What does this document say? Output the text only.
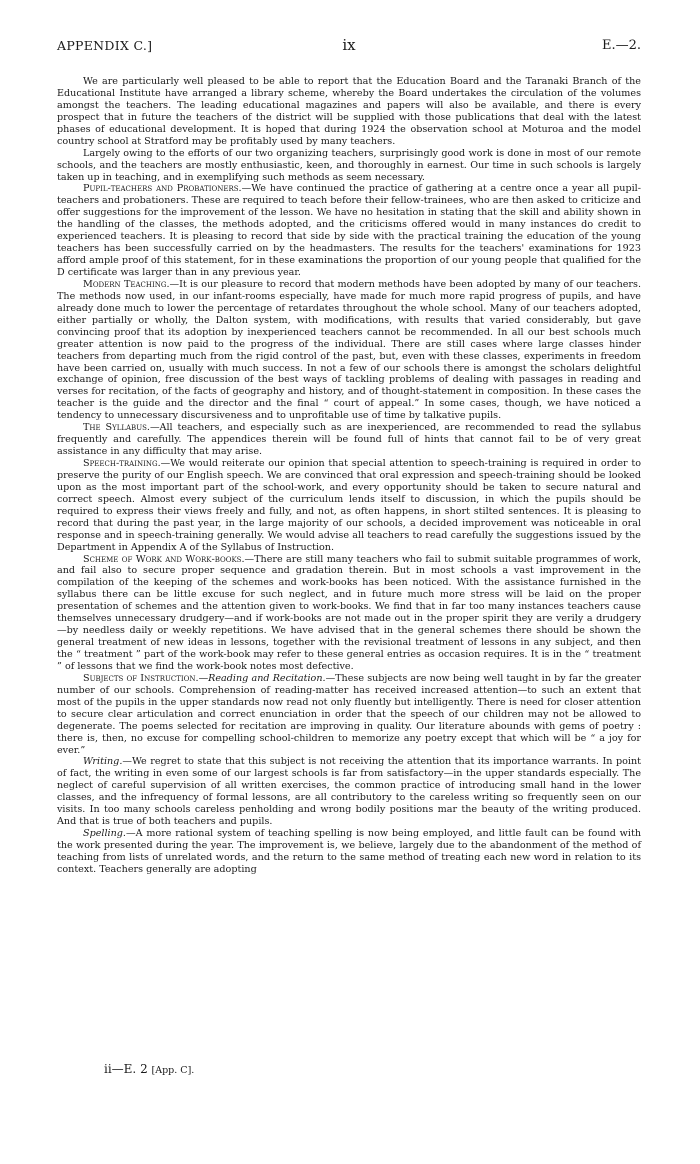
APPENDIX C.]	ix	E.—2.

We are particularly well pleased to be able to report that the Education Board and the Taranaki Branch of the Educational Institute have arranged a library scheme, whereby the Board undertakes the circulation of the volumes amongst the teachers. The leading educational magazines and papers will also be available, and there is every prospect that in future the teachers of the district will be supplied with those publications that deal with the latest phases of educational development. It is hoped that during 1924 the observation school at Moturoa and the model country school at Stratford may be profitably used by many teachers.

Largely owing to the efforts of our two organizing teachers, surprisingly good work is done in most of our remote schools, and the teachers are mostly enthusiastic, keen, and thoroughly in earnest. Our time in such schools is largely taken up in teaching, and in exemplifying such methods as seem necessary.

Pupil-teachers and Probationers.—We have continued the practice of gathering at a centre once a year all pupil-teachers and probationers. These are required to teach before their fellow-trainees, who are then asked to criticize and offer suggestions for the improvement of the lesson. We have no hesitation in stating that the skill and ability shown in the handling of the classes, the methods adopted, and the criticisms offered would in many instances do credit to experienced teachers. It is pleasing to record that side by side with the practical training the education of the young teachers has been successfully carried on by the headmasters. The results for the teachers' examinations for 1923 afford ample proof of this statement, for in these examinations the proportion of our young people that qualified for the D certificate was larger than in any previous year.

Modern Teaching.—It is our pleasure to record that modern methods have been adopted by many of our teachers. The methods now used, in our infant-rooms especially, have made for much more rapid progress of pupils, and have already done much to lower the percentage of retardates throughout the whole school. Many of our teachers adopted, either partially or wholly, the Dalton system, with modifications, with results that varied considerably, but gave convincing proof that its adoption by inexperienced teachers cannot be recommended. In all our best schools much greater attention is now paid to the progress of the individual. There are still cases where large classes hinder teachers from departing much from the rigid control of the past, but, even with these classes, experiments in freedom have been carried on, usually with much success. In not a few of our schools there is amongst the scholars delightful exchange of opinion, free discussion of the best ways of tackling problems of dealing with passages in reading and verses for recitation, of the facts of geography and history, and of thought-statement in composition. In these cases the teacher is the guide and the director and the final “ court of appeal.” In some cases, though, we have noticed a tendency to unnecessary discursiveness and to unprofitable use of time by talkative pupils.

The Syllabus.—All teachers, and especially such as are inexperienced, are recommended to read the syllabus frequently and carefully. The appendices therein will be found full of hints that cannot fail to be of very great assistance in any difficulty that may arise.

Speech-training.—We would reiterate our opinion that special attention to speech-training is required in order to preserve the purity of our English speech. We are convinced that oral expression and speech-training should be looked upon as the most important part of the school-work, and every opportunity should be taken to secure natural and correct speech. Almost every subject of the curriculum lends itself to discussion, in which the pupils should be required to express their views freely and fully, and not, as often happens, in short stilted sentences. It is pleasing to record that during the past year, in the large majority of our schools, a decided improvement was noticeable in oral response and in speech-training generally. We would advise all teachers to read carefully the suggestions issued by the Department in Appendix A of the Syllabus of Instruction.

Scheme of Work and Work-books.—There are still many teachers who fail to submit suitable programmes of work, and fail also to secure proper sequence and gradation therein. But in most schools a vast improvement in the compilation of the keeping of the schemes and work-books has been noticed. With the assistance furnished in the syllabus there can be little excuse for such neglect, and in future much more stress will be laid on the proper presentation of schemes and the attention given to work-books. We find that in far too many instances teachers cause themselves unnecessary drudgery—and if work-books are not made out in the proper spirit they are verily a drudgery—by needless daily or weekly repetitions. We have advised that in the general schemes there should be shown the general treatment of new ideas in lessons, together with the revisional treatment of lessons in any subject, and then the “ treatment ” part of the work-book may refer to these general entries as occasion requires. It is in the “ treatment ” of lessons that we find the work-book notes most defective.

Subjects of Instruction.—Reading and Recitation.—These subjects are now being well taught in by far the greater number of our schools. Comprehension of reading-matter has received increased attention—to such an extent that most of the pupils in the upper standards now read not only fluently but intelligently. There is need for closer attention to secure clear articulation and correct enunciation in order that the speech of our children may not be allowed to degenerate. The poems selected for recitation are improving in quality. Our literature abounds with gems of poetry : there is, then, no excuse for compelling school-children to memorize any poetry except that which will be “ a joy for ever.”

Writing.—We regret to state that this subject is not receiving the attention that its importance warrants. In point of fact, the writing in even some of our largest schools is far from satisfactory—in the upper standards especially. The neglect of careful supervision of all written exercises, the common practice of introducing small hand in the lower classes, and the infrequency of formal lessons, are all contributory to the careless writing so frequently seen on our visits. In too many schools careless penholding and wrong bodily positions mar the beauty of the writing produced. And that is true of both teachers and pupils.

Spelling.—A more rational system of teaching spelling is now being employed, and little fault can be found with the work presented during the year. The improvement is, we believe, largely due to the abandonment of the method of teaching from lists of unrelated words, and the return to the same method of treating each new word in relation to its context. Teachers generally are adopting

ii—E. 2 [App. C].
